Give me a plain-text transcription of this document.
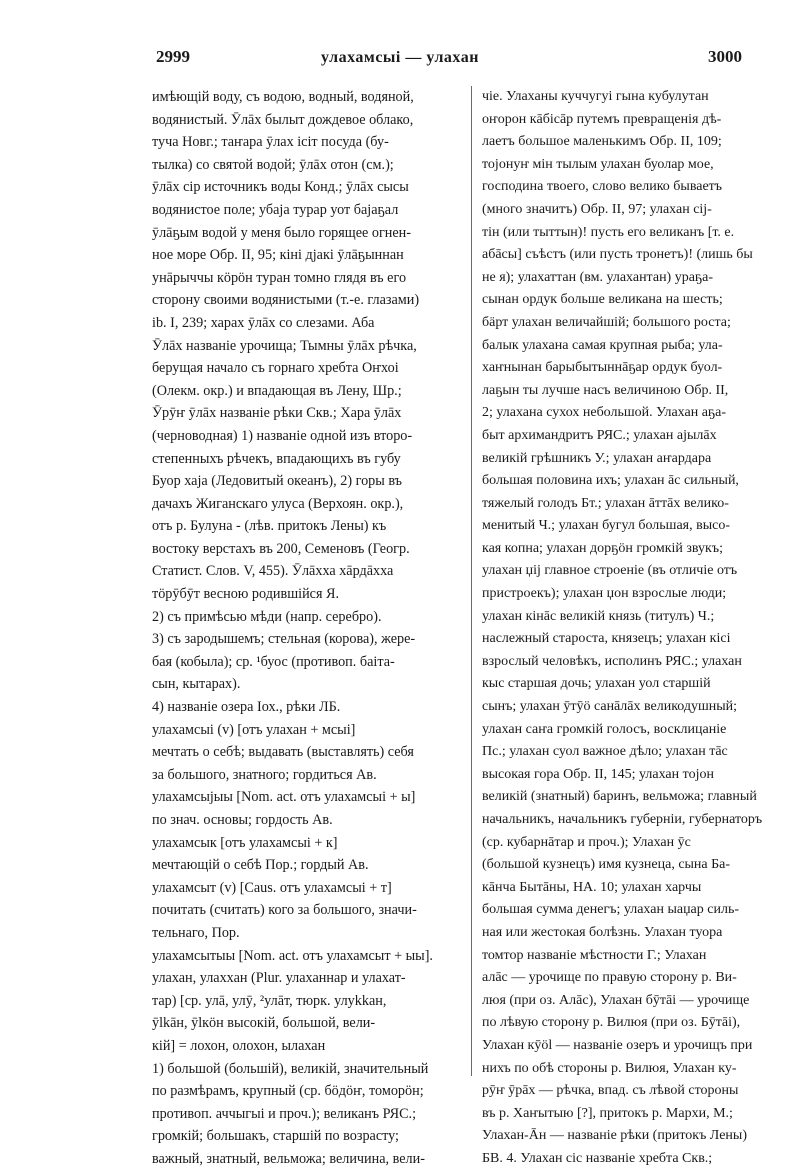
2999	улахамсыі — улахан	3000
имѣющій воду, съ водою, водный, водяной,
водянистый. Ӯлāх былыт дождевое облако,
туча Новг.; таҥара ӯлах ісіт посуда (бу-
тылка) со святой водой; ӯлāх отон (см.);
ӯлāх сір источникъ воды Конд.; ӯлāх сысы
водянистое поле; убаја турар уот баjаҕал
ӯлāҕым водой у меня было горящее огнен-
ное море Обр. II, 95; кіні дјакі ӯлāҕыннан
унāрыччы кöрöн туран томно глядя въ его
сторону своими водянистыми (т.-е. глазами)
ib. I, 239; харах ӯлāх со слезами. Аба
Ӯлāх названіе урочища; Тымны ӯлāх рѣчка,
берущая начало съ горнаго хребта Оҥхоі
(Олекм. окр.) и впадающая въ Лену, Шр.;
Ӯрӯҥ ӯлāх названіе рѣки Скв.; Хара ӯлāх
(черноводная) 1) названіе одной изъ второ-
степенныхъ рѣчекъ, впадающихъ въ губу
Буор хаја (Ледовитый океанъ), 2) горы въ
дачахъ Жиганскаго улуса (Верхоян. окр.),
отъ р. Булуна - (лѣв. притокъ Лены) къ
востоку верстахъ въ 200, Семеновъ (Геогр.
Статист. Слов. V, 455). Ӯлāхха хāрдāхха
тöрӯбӯт весною родившійся Я.
2) съ примѣсью мѣди (напр. серебро).
3) съ зародышемъ; стельная (корова), жере-
бая (кобыла); ср. ¹буос (противоп. баіта-
сын, кытарах).
4) названіе озера Іох., рѣки ЛБ.
улахамсыі (v) [отъ улахан + мсыі]
мечтать о себѣ; выдавать (выставлять) себя
за большого, знатного; гордиться Ав.
улахамсыјыы [Nom. act. отъ улахамсыі + ы]
по знач. основы; гордость Ав.
улахамсык [отъ улахамсыі + к]
мечтающій о себѣ Пор.; гордый Ав.
улахамсыт (v) [Caus. отъ улахамсыі + т]
почитать (считать) кого за большого, значи-
тельнаго, Пор.
улахамсытыы [Nom. act. отъ улахамсыт + ыы].
улахан, улаххан (Plur. улаханнар и улахат-
тар) [ср. улā, улӯ, ²улāт, тюрк. улуkkан,
ӯlkāн, ӯlкöн высокій, большой, вели-
кій] = лохон, олохон, ылахан
1) большой (большій), великій, значительный
по размѣрамъ, крупный (ср. бöдöҥ, томорöн;
противоп. аччыгыі и проч.); великанъ РЯС.;
громкій; большакъ, старшій по возрасту;
важный, знатный, вельможа; величина, вели-
чіе. Улаханы куччугуі гына кубулутан
оҥорон кāбісāр путемъ превращенія дѣ-
лаетъ большое маленькимъ Обр. II, 109;
тојонуҥ мін тылым улахан буолар мое,
господина твоего, слово велико бываетъ
(много значитъ) Обр. II, 97; улахан сіј-
тін (или тыттын)! пусть его великанъ [т. е.
абāсы] съѣстъ (или пусть тронетъ)! (лишь бы
не я); улахаттан (вм. улахантан) ураҕа-
сынан ордук больше великана на шесть;
бäрт улахан величайшій; большого роста;
балык улахана самая крупная рыба; ула-
хаҥнынан барыбытыннāҕар ордук буол-
лаҕын ты лучше насъ величиною Обр. II,
2; улахана сухох небольшой. Улахан аҕа-
быт архимандритъ РЯС.; улахан ајылāх
великій грѣшникъ У.; улахан аҥардара
большая половина ихъ; улахан āс сильный,
тяжелый голодъ Бт.; улахан āттāх велико-
менитый Ч.; улахан бугул большая, высо-
кая копна; улахан дорҕöн громкій звукъ;
улахан џіј главное строеніе (въ отличіе отъ
пристроекъ); улахан џон взрослые люди;
улахан кінāс великій князь (титулъ) Ч.;
наслежный староста, князецъ; улахан кісі
взрослый человѣкъ, исполинъ РЯС.; улахан
кыс старшая дочь; улахан уол старшій
сынъ; улахан ӯтӯö санāлāх великодушный;
улахан саҥа громкій голосъ, восклицаніе
Пс.; улахан суол важное дѣло; улахан тāс
высокая гора Обр. II, 145; улахан тојон
великій (знатный) баринъ, вельможа; главный
начальникъ, начальникъ губерніи, губернаторъ
(ср. кубарнāтар и проч.); Улахан ӯс
(большой кузнецъ) имя кузнеца, сына Ба-
кāнча Бытāны, НА. 10; улахан харчы
большая сумма денегъ; улахан ыаџар силь-
ная или жестокая болѣзнь. Улахан туора
томтор названіе мѣстности Г.; Улахан
алāс — урочище по правую сторону р. Ви-
люя (при оз. Алāс), Улахан бӯтāі — урочище
по лѣвую сторону р. Вилюя (при оз. Бӯтāі),
Улахан кӯöl — названіе озеръ и урочищъ при
нихъ по обѣ стороны р. Вилюя, Улахан ку-
рӯҥ ӯрāх — рѣчка, впад. съ лѣвой стороны
въ р. Хаҥытыю [?], притокъ р. Мархи, М.;
Улахан-Āн — названіе рѣки (притокъ Лены)
БВ. 4. Улахан сіс названіе хребта Скв.;
